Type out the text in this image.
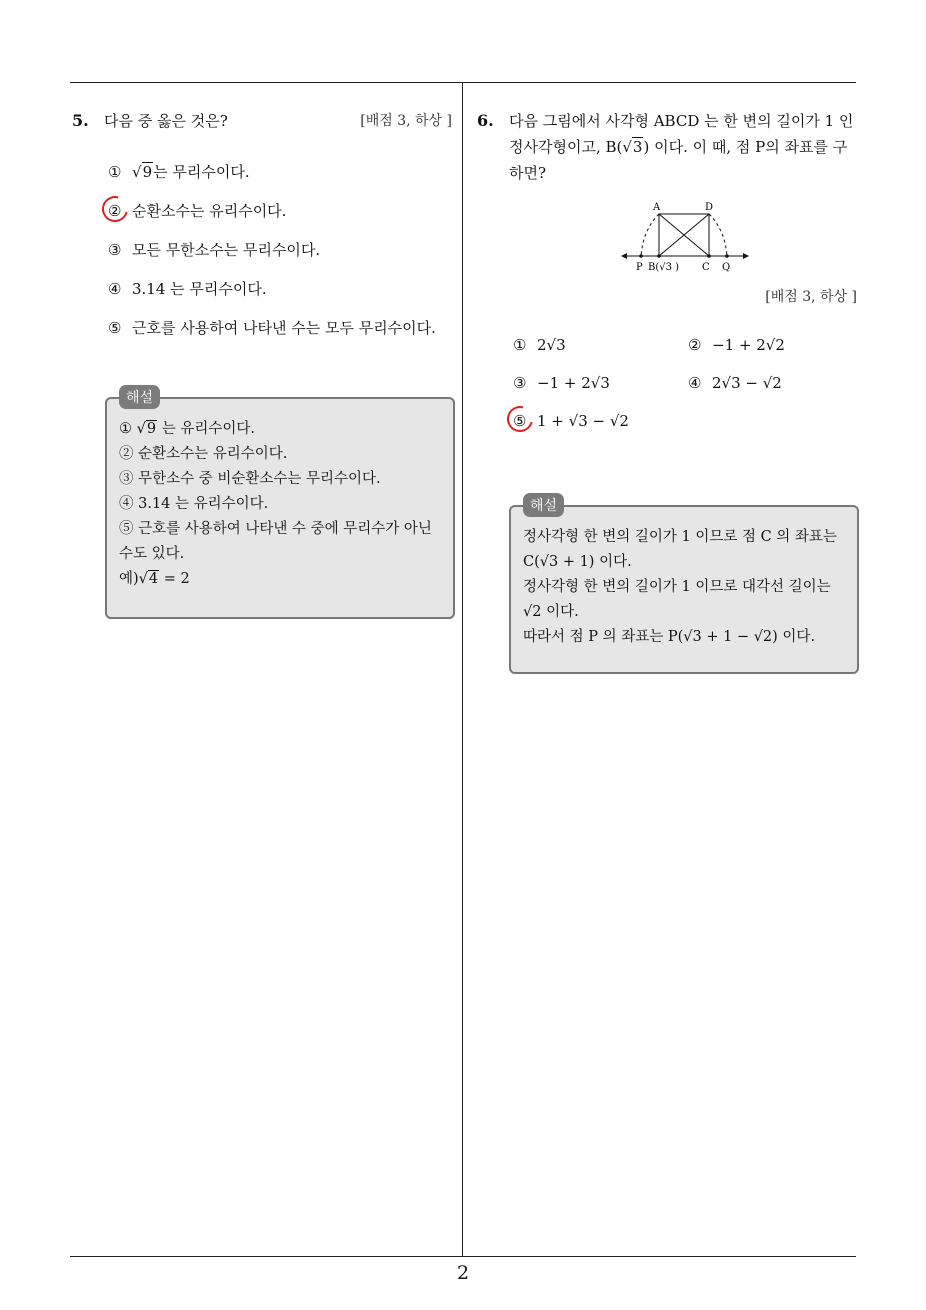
2
5.	다음 중 옳은 것은?	[배점 3, 하상 ]
① √ 9 는 무리수이다.
② 순환소수는 유리수이다.
③ 모든 무한소수는 무리수이다.
④ 3.14 는 무리수이다.
⑤ 근호를 사용하여 나타낸 수는 모두 무리수이다.
해설
① √9 는 유리수이다.
② 순환소수는 유리수이다.
③ 무한소수 중 비순환소수는 무리수이다.
④ 3.14 는 유리수이다.
⑤ 근호를 사용하여 나타낸 수 중에 무리수가 아닌
수도 있다.
예)√4 = 2
6.	다음 그림에서 사각형 ABCD 는 한 변의 길이가 1 인
정사각형이고, B(√3) 이다. 이 때, 점 P의 좌표를 구
하면?
A	D
P B(√3 ) C Q
[배점 3, 하상 ]
① 2√3	② −1 + 2√2
③ −1 + 2√3	④ 2√3 − √2
⑤ 1 + √3 − √2
해설
정사각형 한 변의 길이가 1 이므로 점 C 의 좌표는
C(√3 + 1) 이다.
정사각형 한 변의 길이가 1 이므로 대각선 길이는
√2 이다.
따라서 점 P 의 좌표는 P(√3 + 1 − √2) 이다.
